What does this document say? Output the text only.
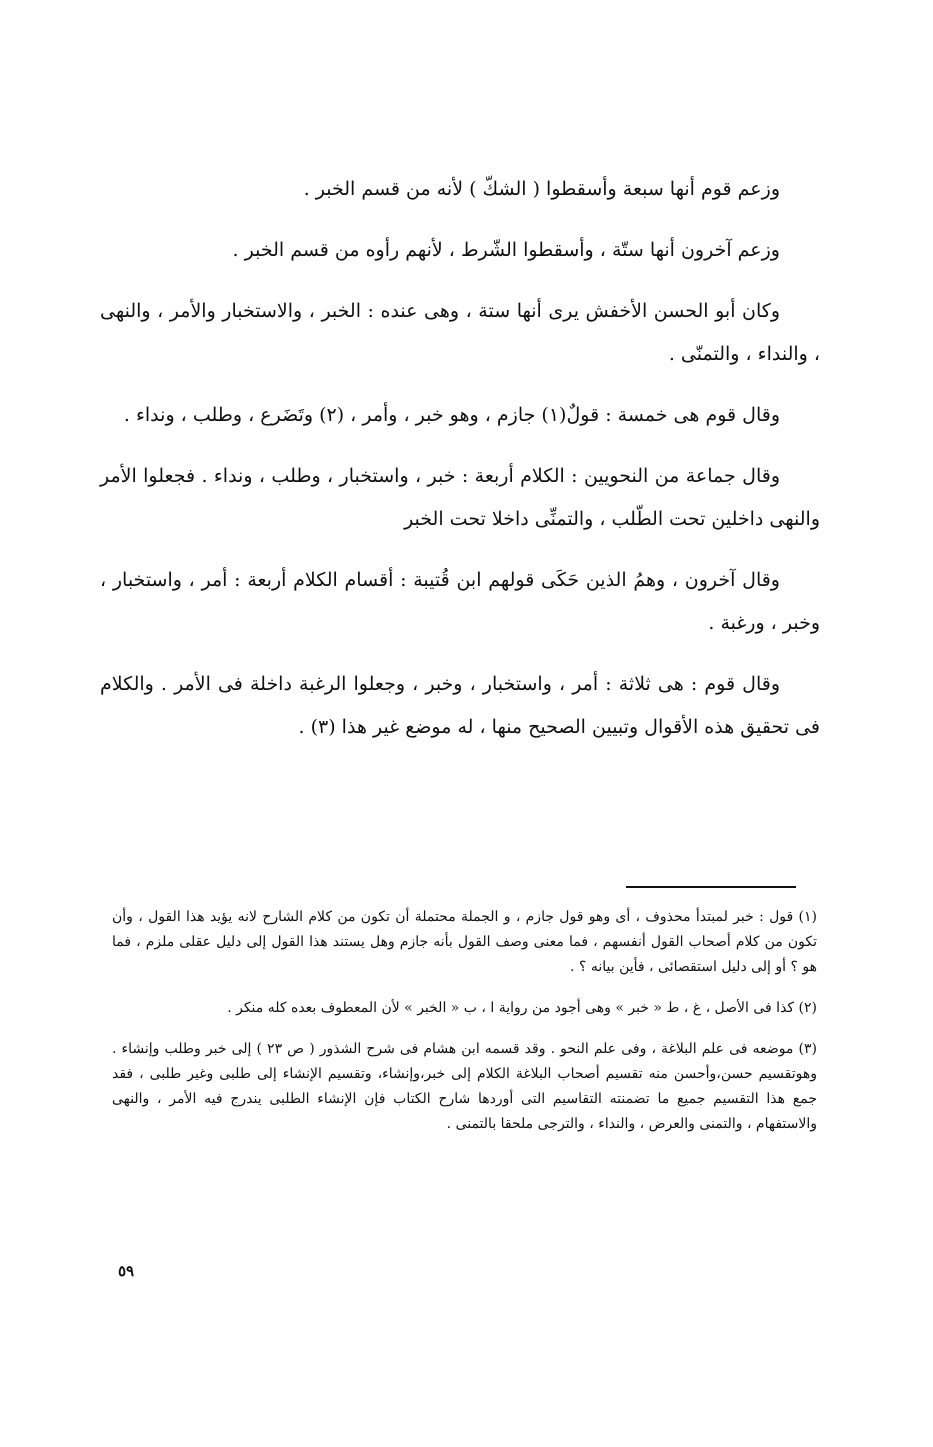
وزعم قوم أنها سبعة وأسقطوا ( الشكّ ) لأنه من قسم الخبر .

وزعم آخرون أنها ستّة ، وأسقطوا الشّرط ، لأنهم رأوه من قسم الخبر .

وكان أبو الحسن الأخفش يرى أنها ستة ، وهى عنده : الخبر ، والاستخبار والأمر ، والنهى ، والنداء ، والتمنّى .

وقال قوم هى خمسة : قولٌ(١) جازم ، وهو خبر ، وأمر ، (٢) وتَضَرع ، وطلب ، ونداء .

وقال جماعة من النحويين : الكلام أربعة : خبر ، واستخبار ، وطلب ، ونداء . فجعلوا الأمر والنهى داخلين تحت الطّلب ، والتمنِّى داخلا تحت الخبر

وقال آخرون ، وهمُ الذين حَكَى قولهم ابن قُتيبة : أقسام الكلام أربعة : أمر ، واستخبار ، وخبر ، ورغبة .

وقال قوم : هى ثلاثة : أمر ، واستخبار ، وخبر ، وجعلوا الرغبة داخلة فى الأمر . والكلام فى تحقيق هذه الأقوال وتبيين الصحيح منها ، له موضع غير هذا (٣) .

(١) قول : خبر لمبتدأ محذوف ، أى وهو قول جازم ، و الجملة محتملة أن تكون من كلام الشارح لانه يؤيد هذا القول ، وأن تكون من كلام أصحاب القول أنفسهم ، فما معنى وصف القول بأنه جازم وهل يستند هذا القول إلى دليل عقلى ملزم ، فما هو ؟ أو إلى دليل استقصائى ، فأين بيانه ؟ .

(٢) كذا فى الأصل ، غ ، ط « خبر » وهى أجود من رواية ا ، ب « الخبر » لأن المعطوف بعده كله منكر .

(٣) موضعه فى علم البلاغة ، وفى علم النحو . وقد قسمه ابن هشام فى شرح الشذور ( ص ٢٣ ) إلى خبر وطلب وإنشاء . وهوتقسيم حسن،وأحسن منه تقسيم أصحاب البلاغة الكلام إلى خبر،وإنشاء، وتقسيم الإنشاء إلى طلبى وغير طلبى ، فقد جمع هذا التقسيم جميع ما تضمنته التقاسيم التى أوردها شارح الكتاب فإن الإنشاء الطلبى يندرج فيه الأمر ، والنهى والاستفهام ، والتمنى والعرض ، والنداء ، والترجى ملحقا بالتمنى .

٥٩
